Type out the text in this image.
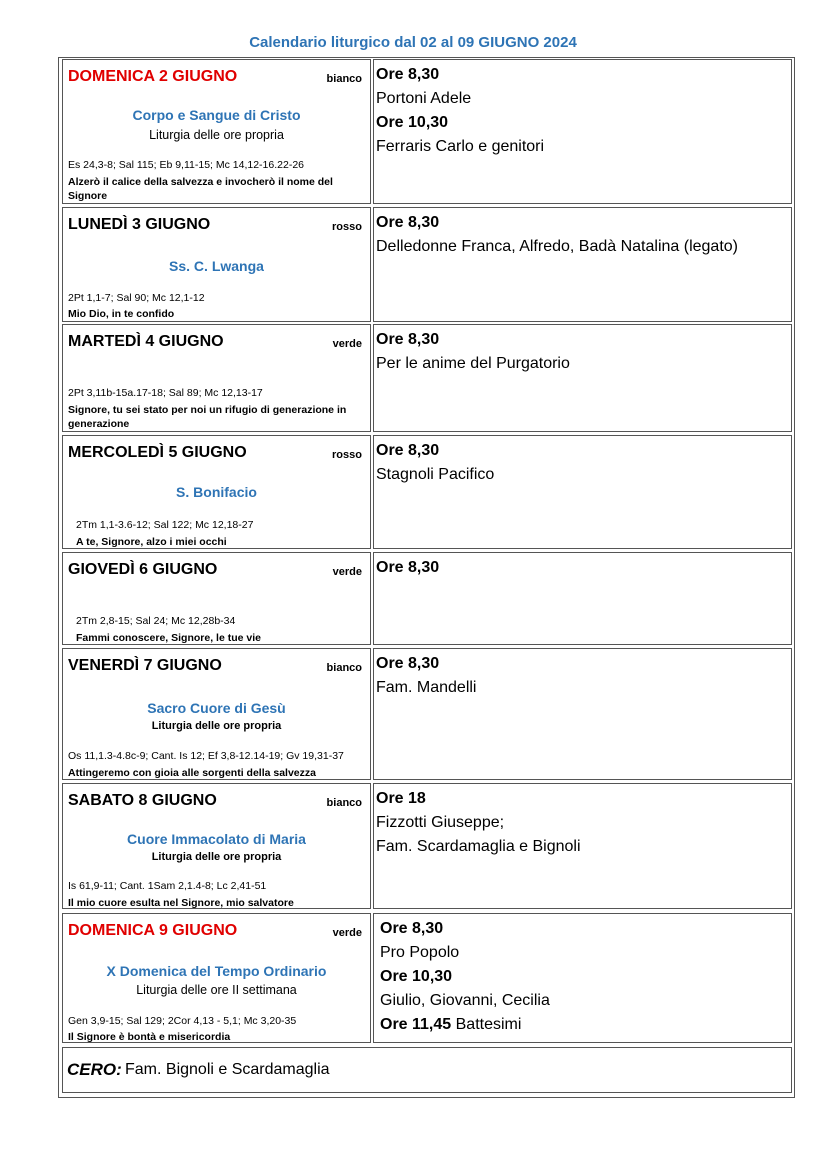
Calendario liturgico dal 02 al 09 GIUGNO 2024
DOMENICA 2 GIUGNO	bianco
Corpo e Sangue di Cristo
Liturgia delle ore propria
Es 24,3-8; Sal 115; Eb 9,11-15; Mc 14,12-16.22-26
Alzerò il calice della salvezza e invocherò il nome del Signore
Ore 8,30
Portoni Adele
Ore 10,30
Ferraris Carlo e genitori
LUNEDÌ 3 GIUGNO	rosso
Ss. C. Lwanga
2Pt 1,1-7; Sal 90; Mc 12,1-12
Mio Dio, in te confido
Ore 8,30
Delledonne Franca, Alfredo, Badà Natalina (legato)
MARTEDÌ 4 GIUGNO	verde
2Pt 3,11b-15a.17-18; Sal 89; Mc 12,13-17
Signore, tu sei stato per noi un rifugio di generazione in generazione
Ore 8,30
Per le anime del Purgatorio
MERCOLEDÌ 5 GIUGNO	rosso
S. Bonifacio
2Tm 1,1-3.6-12; Sal 122; Mc 12,18-27
A te, Signore, alzo i miei occhi
Ore 8,30
Stagnoli Pacifico
GIOVEDÌ 6 GIUGNO	verde
2Tm 2,8-15; Sal 24; Mc 12,28b-34
Fammi conoscere, Signore, le tue vie
Ore 8,30
VENERDÌ 7 GIUGNO	bianco
Sacro Cuore di Gesù
Liturgia delle ore propria
Os 11,1.3-4.8c-9; Cant. Is 12; Ef 3,8-12.14-19; Gv 19,31-37
Attingeremo con gioia alle sorgenti della salvezza
Ore 8,30
Fam. Mandelli
SABATO 8 GIUGNO	bianco
Cuore Immacolato di Maria
Liturgia delle ore propria
Is 61,9-11; Cant. 1Sam 2,1.4-8; Lc 2,41-51
Il mio cuore esulta nel Signore, mio salvatore
Ore 18
Fizzotti Giuseppe;
Fam. Scardamaglia e Bignoli
DOMENICA 9 GIUGNO	verde
X Domenica del Tempo Ordinario
Liturgia delle ore II settimana
Gen 3,9-15; Sal 129; 2Cor 4,13 - 5,1; Mc 3,20-35
Il Signore è bontà e misericordia
Ore 8,30
Pro Popolo
Ore 10,30
Giulio, Giovanni, Cecilia
Ore 11,45 Battesimi
CERO: Fam. Bignoli e Scardamaglia
